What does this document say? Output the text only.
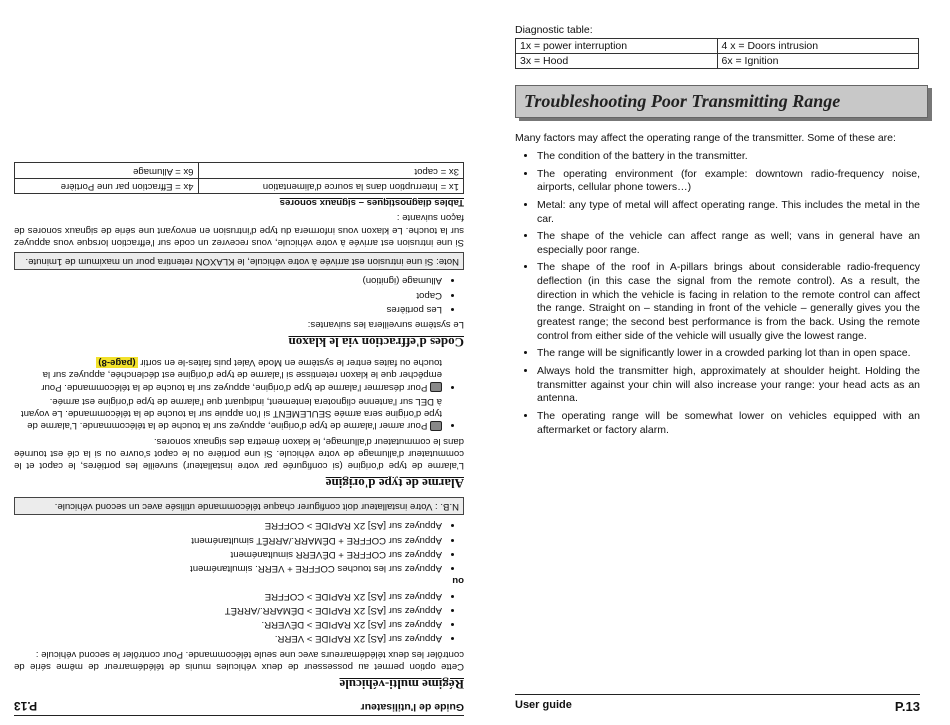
Guide de l'utilisateur
P.13
Régime multi-véhicule

Cette option permet au possesseur de deux véhicules munis de télédémarreur de même série de contrôler les deux télédémarreurs avec une seule télécommande. Pour contrôler le second véhicule :

• Appuyez sur [AS] 2X RAPIDE > VERR.
• Appuyez sur [AS] 2X RAPIDE > DÉVERR.
• Appuyez sur [AS] 2X RAPIDE > DÉMARR./ARRÊT
• Appuyez sur [AS] 2X RAPIDE > COFFRE
ou
• Appuyez sur les touches COFFRE + VERR. simultanément
• Appuyez sur COFFRE + DÉVERR simultanément
• Appuyez sur COFFRE + DÉMARR./ARRÊT simultanément
• Appuyez sur [AS] 2X RAPIDE > COFFRE
N.B. : Votre installateur doit configurer chaque télécommande utilisée avec un second véhicule.
Alarme de type d'origine

L'alarme de type d'origine (si configurée par votre installateur) surveille les portières, le capot et le commutateur d'allumage de votre véhicule. Si une portière ou le capot s'ouvre ou si la clé est tournée dans le commutateur d'allumage, le klaxon émettra des signaux sonores.

• Pour armer l'alarme de type d'origine, appuyez sur la touche de la télécommande. L'alarme de type d'origine sera armée SEULEMENT si l'on appuie sur la touche de la télécommande. Le voyant à DEL sur l'antenne clignotera lentement, indiquant que l'alarme de type d'origine est armée.
• Pour désarmer l'alarme de type d'origine, appuyez sur la touche de la télécommande. Pour empêcher que le klaxon retentisse si l'alarme de type d'origine est déclenchée, appuyez sur la touche ou faites entrer le système en Mode Valet puis faites-le en sortir (page-8)
Codes d'effraction via le klaxon

Le système surveillera les suivantes:

• Les portières
• Capot
• Allumage (ignition)
Note: Si une intrusion est arrivée à votre véhicule, le KLAXON retentira pour un maximum de 1minute.

Si une intrusion est arrivée à votre véhicule, vous recevrez un code sur l'effraction lorsque vous appuyez sur la touche. Le klaxon vous informera du type d'intrusion en envoyant une série de signaux sonores de façon suivante :

Tables diagnostiques – signaux sonores
1x = Interruption dans la source d'alimentation	4x = Effraction par une Portière
3x = capot	6x = Allumage
Diagnostic table:
1x = power interruption	4 x = Doors intrusion
3x = Hood	6x = Ignition
Troubleshooting Poor Transmitting Range
Many factors may affect the operating range of the transmitter. Some of these are:
• The condition of the battery in the transmitter.
• The operating environment (for example: downtown radio-frequency noise, airports, cellular phone towers…)
• Metal: any type of metal will affect operating range. This includes the metal in the car.
• The shape of the vehicle can affect range as well; vans in general have an especially poor range.
• The shape of the roof in A-pillars brings about considerable radio-frequency deflection (in this case the signal from the remote control). As a result, the direction in which the vehicle is facing in relation to the remote control can affect the range. Straight on – standing in front of the vehicle – generally gives you the greatest range; the second best performance is from the back. Using the remote control from either side of the vehicle will usually give the lowest range.
• The range will be significantly lower in a crowded parking lot than in open space.
• Always hold the transmitter high, approximately at shoulder height. Holding the transmitter against your chin will also increase your range: your head acts as an antenna.
• The operating range will be somewhat lower on vehicles equipped with an aftermarket or factory alarm.
User guide	P.13
